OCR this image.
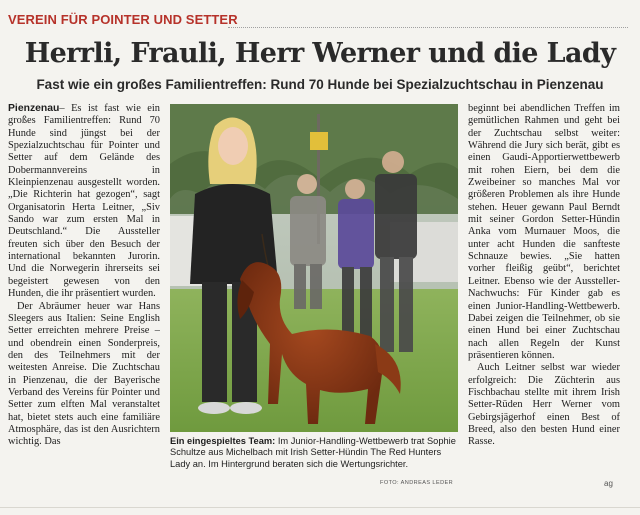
VEREIN FÜR POINTER UND SETTER
Herrli, Frauli, Herr Werner und die Lady
Fast wie ein großes Familientreffen: Rund 70 Hunde bei Spezialzuchtschau in Pienzenau

Pienzenau– Es ist fast wie ein großes Familientreffen: Rund 70 Hunde sind jüngst bei der Spezialzuchtschau für Pointer und Setter auf dem Gelände des Dobermannvereins in Kleinpienzenau ausgestellt worden. „Die Richterin hat gezogen“, sagt Organisatorin Herta Leitner, „Siv Sando war zum ersten Mal in Deutschland.“ Die Aussteller freuten sich über den Besuch der international bekannten Jurorin. Und die Norwegerin ihrerseits sei begeistert gewesen von den Hunden, die ihr präsentiert wurden.

Der Abräumer heuer war Hans Sleegers aus Italien: Seine English Setter erreichten mehrere Preise – und obendrein einen Sonderpreis, den des Teilnehmers mit der weitesten Anreise. Die Zuchtschau in Pienzenau, die der Bayerische Verband des Vereins für Pointer und Setter zum elften Mal veranstaltet hat, bietet stets auch eine familiäre Atmosphäre, das ist den Ausrichtern wichtig. Das	Ein eingespieltes Team: Im Junior-Handling-Wettbewerb trat Sophie Schultze aus Michelbach mit Irish Setter-Hündin The Red Hunters Lady an. Im Hintergrund beraten sich die Wertungsrichter.
FOTO: ANDREAS LEDER

beginnt bei abendlichen Treffen im gemütlichen Rahmen und geht bei der Zuchtschau selbst weiter: Während die Jury sich berät, gibt es einen Gaudi-Apportierwettbewerb mit rohen Eiern, bei dem die Zweibeiner so manches Mal vor größeren Problemen als ihre Hunde stehen. Heuer gewann Paul Berndt mit seiner Gordon Setter-Hündin Anka vom Murnauer Moos, die unter acht Hunden die sanfteste Schnauze bewies. „Sie hatten vorher fleißig geübt“, berichtet Leitner. Ebenso wie der Aussteller-Nachwuchs: Für Kinder gab es einen Junior-Handling-Wettbewerb. Dabei zeigen die Teilnehmer, ob sie einen Hund bei einer Zuchtschau nach allen Regeln der Kunst präsentieren können.

Auch Leitner selbst war wieder erfolgreich: Die Züchterin aus Fischbachau stellte mit ihrem Irish Setter-Rüden Herr Werner vom Gebirgsjägerhof einen Best of Breed, also den besten Hund einer Rasse.

ag
